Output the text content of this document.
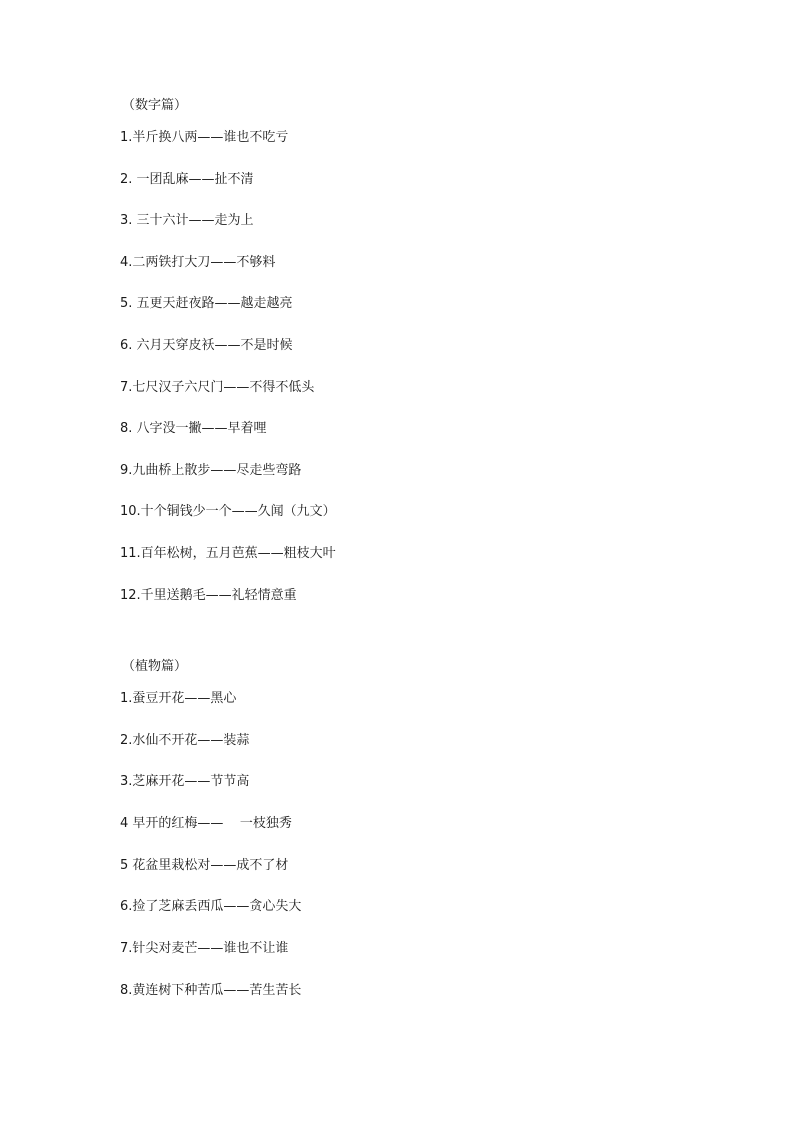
（数字篇）

1.半斤换八两——谁也不吃亏

2. 一团乱麻——扯不清

3. 三十六计——走为上

4.二两铁打大刀——不够料

5. 五更天赶夜路——越走越亮

6. 六月天穿皮袄——不是时候

7.七尺汉子六尺门——不得不低头

8. 八字没一撇——早着哩

9.九曲桥上散步——尽走些弯路

10.十个铜钱少一个——久闻（九文）

11.百年松树，五月芭蕉——粗枝大叶

12.千里送鹅毛——礼轻情意重

（植物篇）

1.蚕豆开花——黑心

2.水仙不开花——装蒜

3.芝麻开花——节节高

4 早开的红梅——    一枝独秀

5 花盆里栽松对——成不了材

6.捡了芝麻丢西瓜——贪心失大

7.针尖对麦芒——谁也不让谁

8.黄连树下种苦瓜——苦生苦长
